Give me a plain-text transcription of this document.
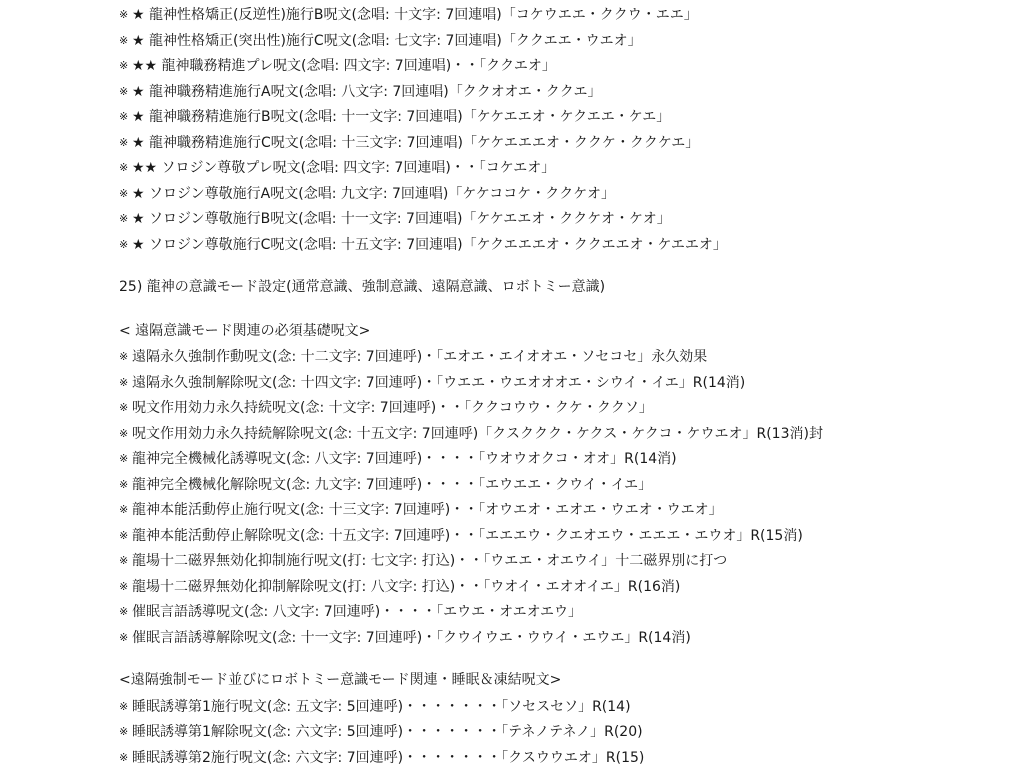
※ ★ 龍神性格矯正(反逆性)施行B呪文(念唱: 十文字: 7回連唱)「コケウエエ・ククウ・エエ」
※ ★ 龍神性格矯正(突出性)施行C呪文(念唱: 七文字: 7回連唱)「ククエエ・ウエオ」
※ ★★ 龍神職務精進プレ呪文(念唱: 四文字: 7回連唱)・・「ククエオ」
※ ★ 龍神職務精進施行A呪文(念唱: 八文字: 7回連唱)「ククオオエ・ククエ」
※ ★ 龍神職務精進施行B呪文(念唱: 十一文字: 7回連唱)「ケケエエオ・ケクエエ・ケエ」
※ ★ 龍神職務精進施行C呪文(念唱: 十三文字: 7回連唱)「ケケエエエオ・ククケ・ククケエ」
※ ★★ ソロジン尊敬プレ呪文(念唱: 四文字: 7回連唱)・・「コケエオ」
※ ★ ソロジン尊敬施行A呪文(念唱: 九文字: 7回連唱)「ケケココケ・ククケオ」
※ ★ ソロジン尊敬施行B呪文(念唱: 十一文字: 7回連唱)「ケケエエオ・ククケオ・ケオ」
※ ★ ソロジン尊敬施行C呪文(念唱: 十五文字: 7回連唱)「ケクエエエオ・ククエエオ・ケエエオ」
25) 龍神の意識モード設定(通常意識、強制意識、遠隔意識、ロボトミー意識)
< 遠隔意識モード関連の必須基礎呪文>
※ 遠隔永久強制作動呪文(念: 十二文字: 7回連呼)・「エオエ・エイオオエ・ソセコセ」永久効果
※ 遠隔永久強制解除呪文(念: 十四文字: 7回連呼)・「ウエエ・ウエオオオエ・シウイ・イエ」R(14消)
※ 呪文作用効力永久持続呪文(念: 十文字: 7回連呼)・・「ククコウウ・クケ・ククソ」
※ 呪文作用効力永久持続解除呪文(念: 十五文字: 7回連呼)「クスククク・ケクス・ケクコ・ケウエオ」R(13消)封
※ 龍神完全機械化誘導呪文(念: 八文字: 7回連呼)・・・・「ウオウオクコ・オオ」R(14消)
※ 龍神完全機械化解除呪文(念: 九文字: 7回連呼)・・・・「エウエエ・クウイ・イエ」
※ 龍神本能活動停止施行呪文(念: 十三文字: 7回連呼)・・「オウエオ・エオエ・ウエオ・ウエオ」
※ 龍神本能活動停止解除呪文(念: 十五文字: 7回連呼)・・「エエエウ・クエオエウ・エエエ・エウオ」R(15消)
※ 龍場十二磁界無効化抑制施行呪文(打: 七文字: 打込)・・「ウエエ・オエウイ」十二磁界別に打つ
※ 龍場十二磁界無効化抑制解除呪文(打: 八文字: 打込)・・「ウオイ・エオオイエ」R(16消)
※ 催眠言語誘導呪文(念: 八文字: 7回連呼)・・・・「エウエ・オエオエウ」
※ 催眠言語誘導解除呪文(念: 十一文字: 7回連呼)・「クウイウエ・ウウイ・エウエ」R(14消)
<遠隔強制モード並びにロボトミー意識モード関連・睡眠＆凍結呪文>
※ 睡眠誘導第1施行呪文(念: 五文字: 5回連呼)・・・・・・・「ソセスセソ」R(14)
※ 睡眠誘導第1解除呪文(念: 六文字: 5回連呼)・・・・・・・「テネノテネノ」R(20)
※ 睡眠誘導第2施行呪文(念: 六文字: 7回連呼)・・・・・・・「クスウウエオ」R(15)
